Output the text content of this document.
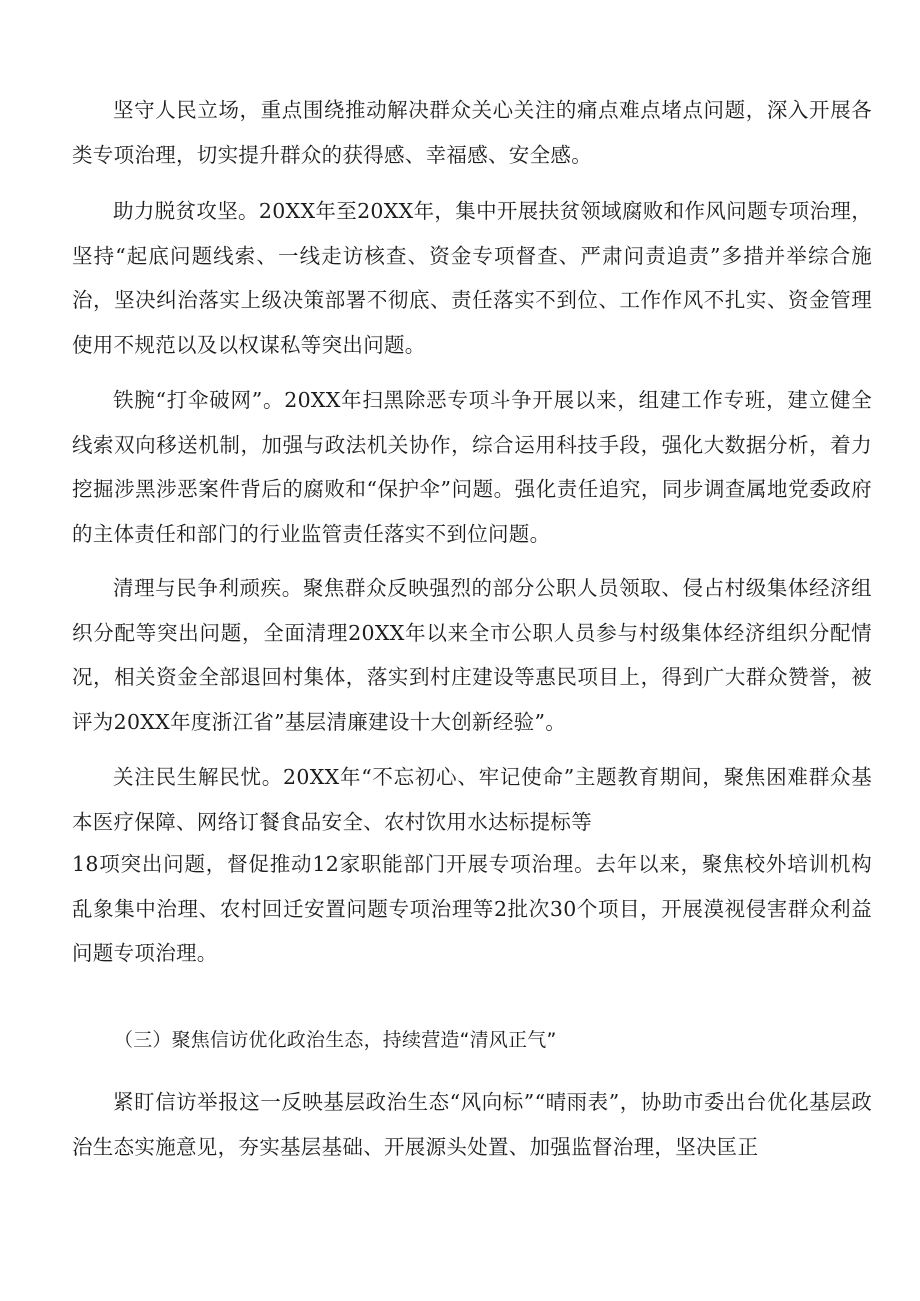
坚守人民立场，重点围绕推动解决群众关心关注的痛点难点堵点问题，深入开展各类专项治理，切实提升群众的获得感、幸福感、安全感。

助力脱贫攻坚。20XX年至20XX年，集中开展扶贫领域腐败和作风问题专项治理，坚持“起底问题线索、一线走访核查、资金专项督查、严肃问责追责”多措并举综合施治，坚决纠治落实上级决策部署不彻底、责任落实不到位、工作作风不扎实、资金管理使用不规范以及以权谋私等突出问题。

铁腕“打伞破网”。20XX年扫黑除恶专项斗争开展以来，组建工作专班，建立健全线索双向移送机制，加强与政法机关协作，综合运用科技手段，强化大数据分析，着力挖掘涉黑涉恶案件背后的腐败和“保护伞”问题。强化责任追究，同步调查属地党委政府的主体责任和部门的行业监管责任落实不到位问题。

清理与民争利顽疾。聚焦群众反映强烈的部分公职人员领取、侵占村级集体经济组织分配等突出问题，全面清理20XX年以来全市公职人员参与村级集体经济组织分配情况，相关资金全部退回村集体，落实到村庄建设等惠民项目上，得到广大群众赞誉，被评为20XX年度浙江省”基层清廉建设十大创新经验”。

关注民生解民忧。20XX年“不忘初心、牢记使命”主题教育期间，聚焦困难群众基本医疗保障、网络订餐食品安全、农村饮用水达标提标等

18项突出问题，督促推动12家职能部门开展专项治理。去年以来，聚焦校外培训机构乱象集中治理、农村回迁安置问题专项治理等2批次30个项目，开展漠视侵害群众利益问题专项治理。

（三）聚焦信访优化政治生态，持续营造“清风正气”

紧盯信访举报这一反映基层政治生态“风向标”“晴雨表”，协助市委出台优化基层政治生态实施意见，夯实基层基础、开展源头处置、加强监督治理，坚决匡正
